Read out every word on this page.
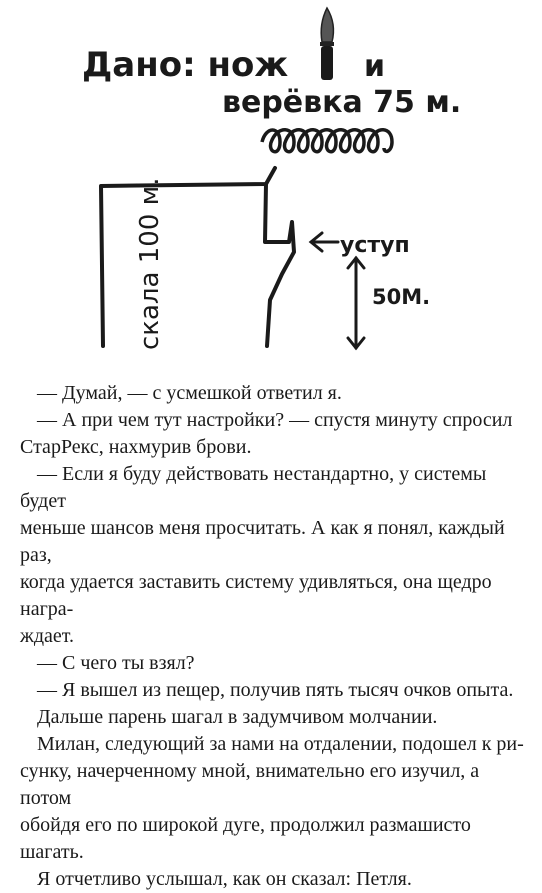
Дано: нож	и
верёвка 75 м.
скала 100 м.	уступ
50М.

— Думай, — с усмешкой ответил я.

— А при чем тут настройки? — спустя минуту спросил

СтарРекс, нахмурив брови.

— Если я буду действовать нестандартно, у системы будет

меньше шансов меня просчитать. А как я понял, каждый раз,

когда удается заставить систему удивляться, она щедро награ-

ждает.

— С чего ты взял?

— Я вышел из пещер, получив пять тысяч очков опыта.

Дальше парень шагал в задумчивом молчании.

Милан, следующий за нами на отдалении, подошел к ри-

сунку, начерченному мной, внимательно его изучил, а потом

обойдя его по широкой дуге, продолжил размашисто шагать.

Я отчетливо услышал, как он сказал: Петля.
